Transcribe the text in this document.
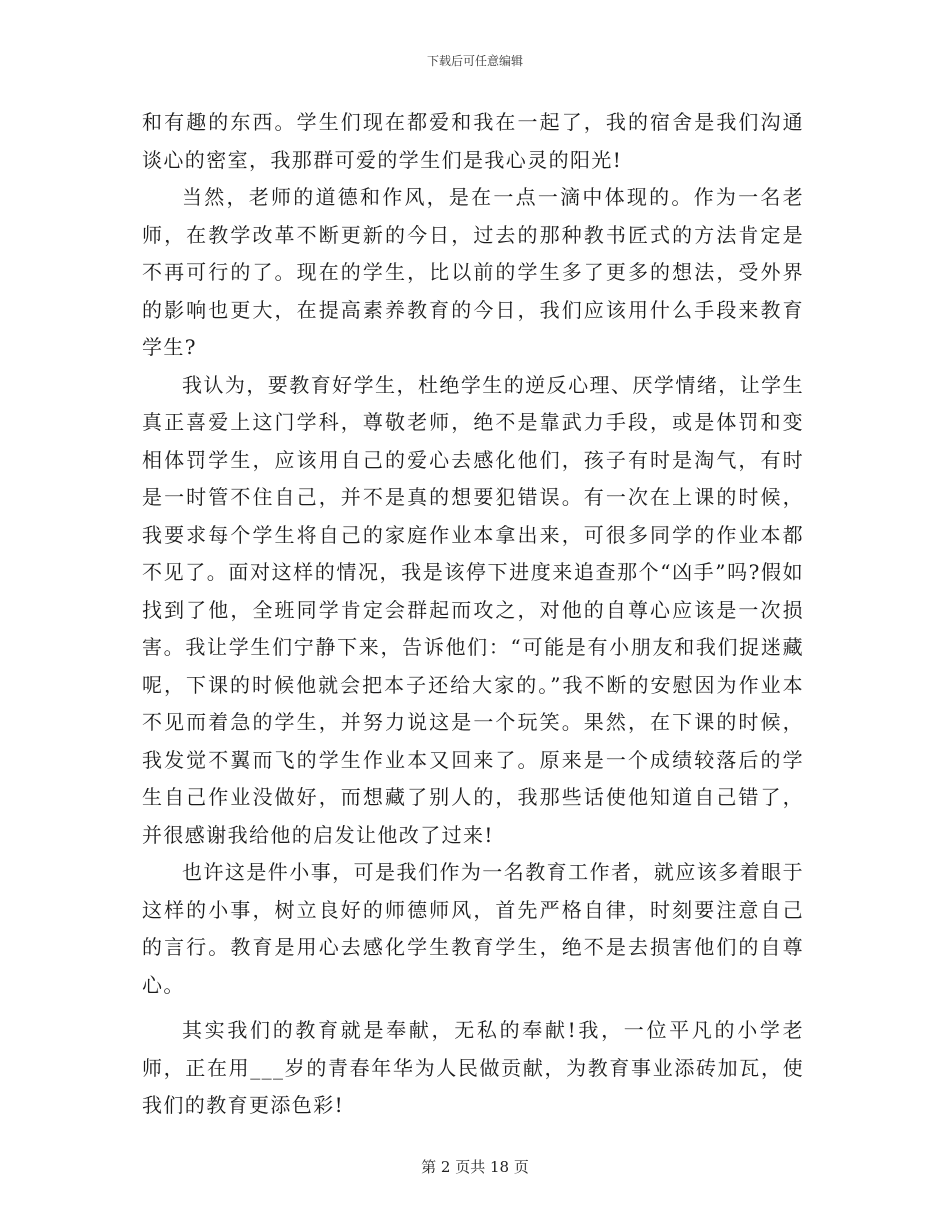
下载后可任意编辑

和有趣的东西。学生们现在都爱和我在一起了，我的宿舍是我们沟通谈心的密室，我那群可爱的学生们是我心灵的阳光!

当然，老师的道德和作风，是在一点一滴中体现的。作为一名老师，在教学改革不断更新的今日，过去的那种教书匠式的方法肯定是不再可行的了。现在的学生，比以前的学生多了更多的想法，受外界的影响也更大，在提高素养教育的今日，我们应该用什么手段来教育学生?

我认为，要教育好学生，杜绝学生的逆反心理、厌学情绪，让学生真正喜爱上这门学科，尊敬老师，绝不是靠武力手段，或是体罚和变相体罚学生，应该用自己的爱心去感化他们，孩子有时是淘气，有时是一时管不住自己，并不是真的想要犯错误。有一次在上课的时候，我要求每个学生将自己的家庭作业本拿出来，可很多同学的作业本都不见了。面对这样的情况，我是该停下进度来追查那个“凶手”吗?假如找到了他，全班同学肯定会群起而攻之，对他的自尊心应该是一次损害。我让学生们宁静下来，告诉他们：“可能是有小朋友和我们捉迷藏呢，下课的时候他就会把本子还给大家的。”我不断的安慰因为作业本不见而着急的学生，并努力说这是一个玩笑。果然，在下课的时候，我发觉不翼而飞的学生作业本又回来了。原来是一个成绩较落后的学生自己作业没做好，而想藏了别人的，我那些话使他知道自己错了，并很感谢我给他的启发让他改了过来!

也许这是件小事，可是我们作为一名教育工作者，就应该多着眼于这样的小事，树立良好的师德师风，首先严格自律，时刻要注意自己的言行。教育是用心去感化学生教育学生，绝不是去损害他们的自尊心。

其实我们的教育就是奉献，无私的奉献!我，一位平凡的小学老师，正在用___岁的青春年华为人民做贡献，为教育事业添砖加瓦，使我们的教育更添色彩!

第 2 页共 18 页
